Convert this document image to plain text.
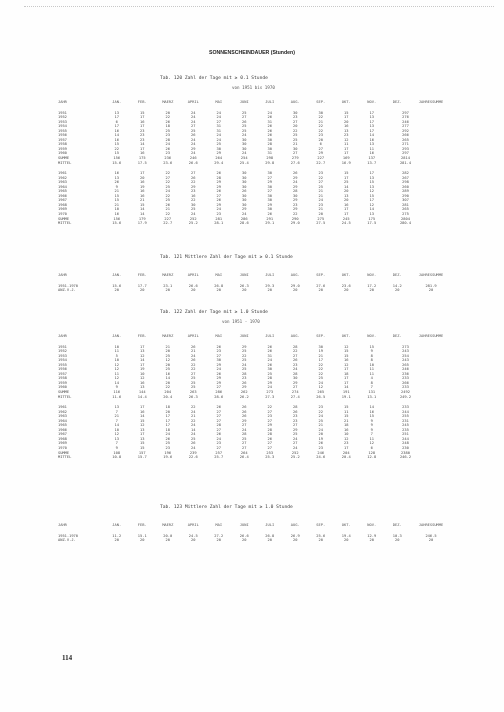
SONNENSCHEINDAUER (Stunden)
Tab. 120 Zahl der Tage mit ≥ 0.1 Stunde
von 1951 bis 1970
JAHR	JAN.	FEB.	MAERZ	APRIL	MAI	JUNI	JULI	AUG.	SEP.	OKT.	NOV.	DEZ.	JAHRESSUMME
1951	13	15	20	24	24	25	24	30	30	15	17	297
1952	17	17	22	24	24	27	26	23	22	17	13	276
1953	6	16	26	24	27	26	31	27	21	20	17	246
1954	17	17	18	27	31	25	26	20	22	16	13	277
1955	16	23	25	25	31	25	26	22	22	13	17	292
1956	14	23	23	26	24	24	26	25	23	23	14	266
1957	16	23	28	24	24	30	30	25	20	12	16	265
1958	15	14	24	24	25	30	28	21	6	11	13	271
1959	22	17	26	29	30	30	30	30	27	17	11	293
1960	15	16	23	24	29	24	31	27	29	17	16	297
SUMME	156	175	236	246	264	254	298	279	227	169	137	2814
MITTEL	15.6	17.5	23.6	26.6	29.4	25.4	29.8	27.6	22.7	16.9	13.7	281.4
1961	16	17	22	27	26	30	30	26	23	15	17	282
1962	13	20	27	26	28	30	27	29	22	17	13	267
1963	26	16	22	22	29	30	29	24	27	25	15	298
1964	9	19	25	29	29	30	30	29	25	14	13	260
1965	21	16	24	23	26	26	27	28	21	20	12	289
1966	15	16	22	16	27	30	30	30	21	13	15	290
1967	15	21	25	22	26	30	30	29	24	20	17	307
1968	21	15	26	30	29	30	29	23	23	16	12	281
1969	10	14	21	25	24	29	30	29	21	17	14	265
1970	16	14	22	24	23	24	26	22	20	17	13	275
SUMME	156	179	227	252	281	286	291	290	275	245	175	2804
MITTEL	15.6	17.9	22.7	25.2	28.1	28.6	29.1	29.0	27.5	24.5	17.5	280.4
Tab. 121 Mittlere Zahl der Tage mit ≥ 0.1 Stunde
JAHR	JAN.	FEB.	MAERZ	APRIL	MAI	JUNI	JULI	AUG.	SEP.	OKT.	NOV.	DEZ.	JAHRESSUMME
1951-1970	15.6	17.7	23.1	26.6	26.8	26.3	29.3	29.0	27.6	23.6	17.2	14.2	281.9
ANZ.V.J.	20	20	20	20	20	20	20	20	20	20	20	20	20
Tab. 122 Zahl der Tage mit ≥ 1.0 Stunde
von 1951 - 1970
JAHR	JAN.	FEB.	MAERZ	APRIL	MAI	JUNI	JULI	AUG.	SEP.	OKT.	NOV.	DEZ.	JAHRESSUMME
1951	10	17	21	26	26	29	26	28	30	12	15	273
1952	11	13	20	21	23	25	26	22	19	15	9	243
1953	5	12	25	24	27	22	31	27	21	15	8	254
1954	10	14	12	26	30	25	24	26	17	16	8	243
1955	12	17	20	22	29	24	26	23	22	12	10	265
1956	12	19	25	22	24	25	30	24	22	17	11	246
1957	11	10	16	27	26	28	25	28	22	18	11	236
1958	12	12	14	25	29	23	28	30	25	17	4	233
1959	14	16	20	25	29	26	29	29	24	17	8	266
1960	9	13	22	25	27	29	24	27	12	14	7	233
SUMME	116	144	204	263	286	262	273	274	265	191	131	2492
MITTEL	11.6	14.4	20.4	26.3	28.6	26.2	27.3	27.4	26.5	19.1	13.1	249.2
1961	13	17	18	22	26	26	22	28	23	15	14	233
1962	7	16	20	24	27	26	27	26	22	11	16	244
1963	21	14	17	21	27	26	23	23	24	15	15	255
1964	7	15	17	22	27	29	27	23	25	21	9	231
1965	14	12	17	24	28	27	29	27	21	18	9	245
1966	10	13	18	14	27	24	28	29	24	16	9	235
1967	12	17	24	24	26	28	28	25	20	10	7	251
1968	13	13	26	25	24	25	26	24	19	12	11	244
1969	7	15	25	26	23	27	27	27	26	23	12	248
1970	9	15	23	24	27	27	27	24	23	17	6	230
SUMME	108	157	196	239	257	264	253	252	246	204	128	2380
MITTEL	10.8	15.7	19.6	22.6	25.7	26.4	25.3	25.2	24.6	20.4	12.8	246.2
Tab. 123 Mittlere Zahl der Tage mit ≥ 1.0 Stunde
JAHR	JAN.	FEB.	MAERZ	APRIL	MAI	JUNI	JULI	AUG.	SEP.	OKT.	NOV.	DEZ.	JAHRESSUMME
1951-1970	11.2	15.1	20.0	24.5	27.2	26.6	26.8	26.9	25.6	19.4	12.9	10.3	246.5
ANZ.V.J.	20	20	20	20	20	20	20	20	20	20	20	20	20
114
